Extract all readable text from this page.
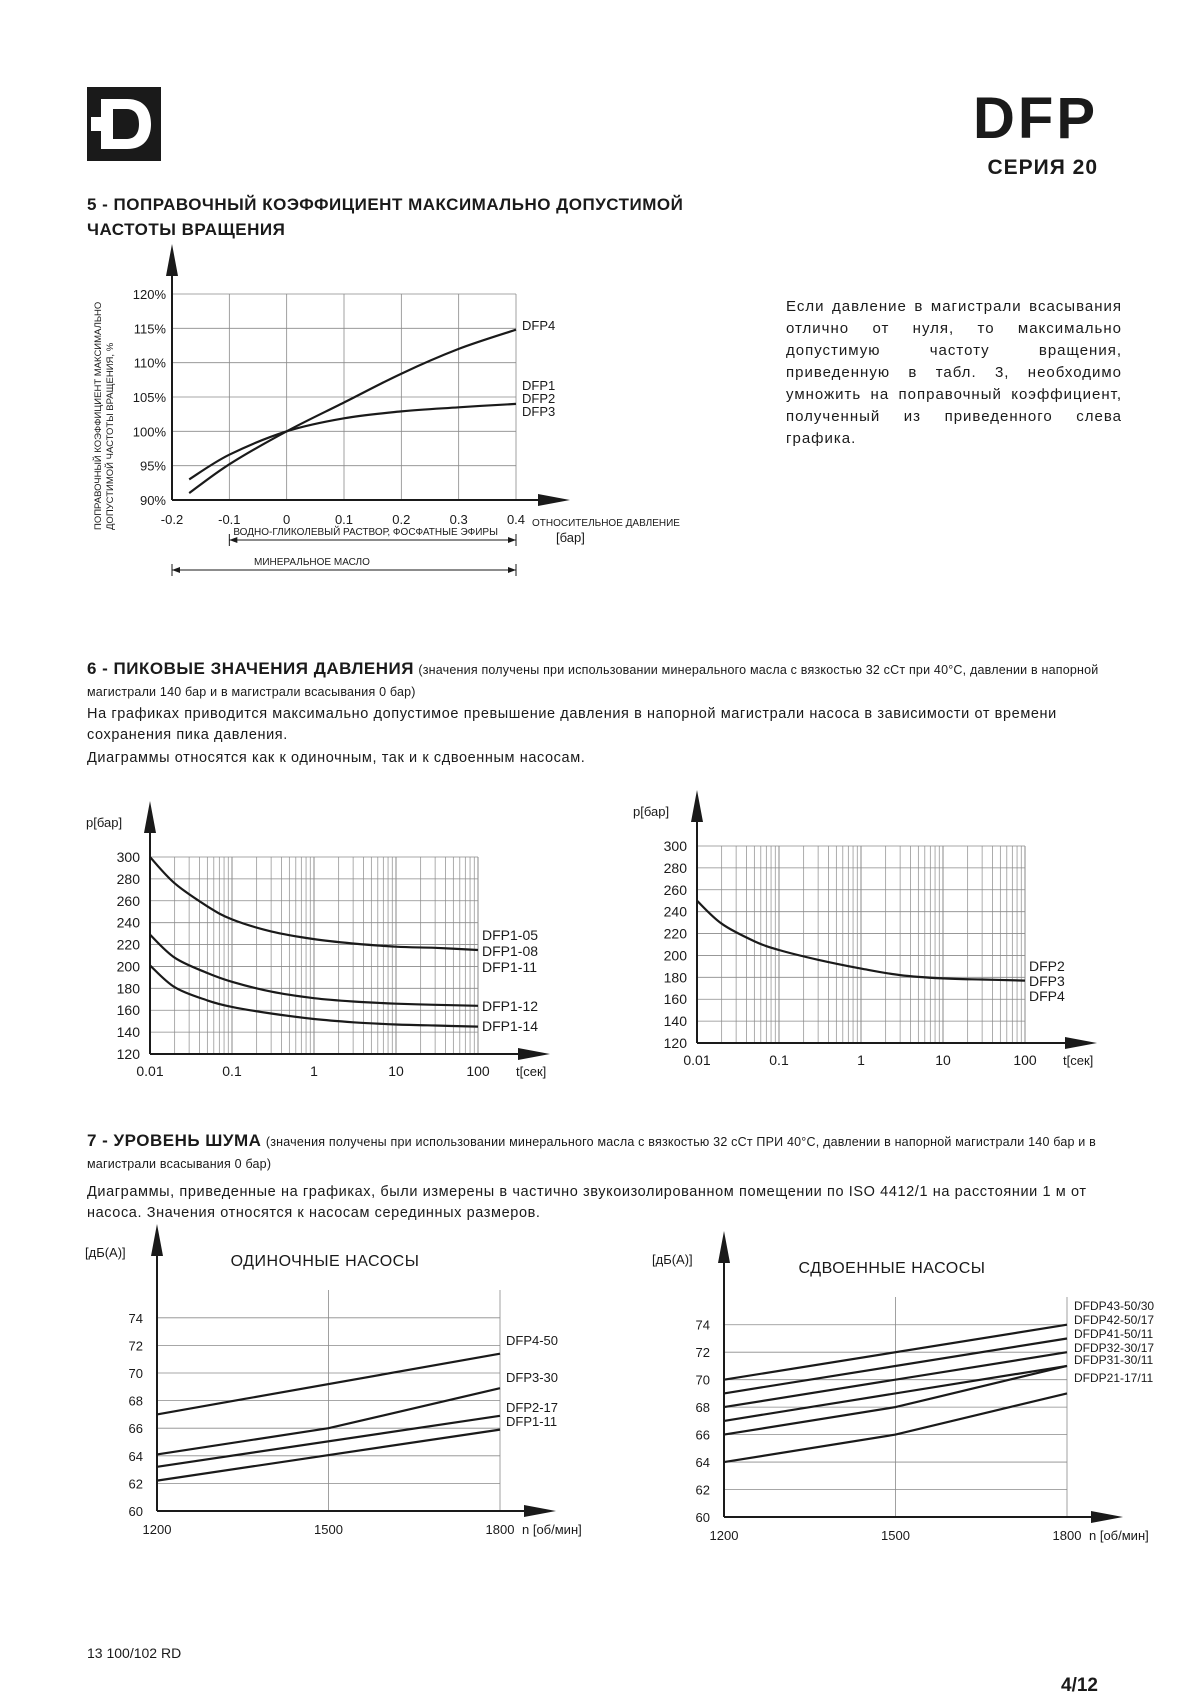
DFP
СЕРИЯ 20
5 - ПОПРАВОЧНЫЙ КОЭФФИЦИЕНТ МАКСИМАЛЬНО ДОПУСТИМОЙ
ЧАСТОТЫ ВРАЩЕНИЯ
Если давление в магистрали всасывания отлично от нуля, то максимально допустимую частоту вращения, приведенную в табл. 3, необходимо умножить на поправочный коэффициент, полученный из приведенного слева графика.
-0.2	-0.1	0	0.1	0.2	0.3	0.4
90%
95%
100%
105%
110%
115%
120%
ПОПРАВОЧНЫЙ КОЭФФИЦИЕНТ МАКСИМАЛЬНОДОПУСТИМОЙ ЧАСТОТЫ ВРАЩЕНИЯ, %	ОТНОСИТЕЛЬНОЕ ДАВЛЕНИЕ
[бар]
ВОДНО-ГЛИКОЛЕВЫЙ РАСТВОР, ФОСФАТНЫЕ ЭФИРЫ
МИНЕРАЛЬНОЕ МАСЛО
DFP4
DFP1
DFP2
DFP3
6 - ПИКОВЫЕ ЗНАЧЕНИЯ ДАВЛЕНИЯ (значения получены при использовании минерального масла с вязкостью 32 сСт при 40°C, давлении в напорной магистрали 140 бар и в магистрали всасывания 0 бар)
На графиках приводится максимально допустимое превышение давления в напорной магистрали насоса в зависимости от времени сохранения пика давления.
Диаграммы относятся как к одиночным, так и к сдвоенным насосам.
120
140
160
180
200
220
240
260
280
300
0.01	0.1	1	10	100
p[бар]
t[сек]
DFP1-05
DFP1-08
DFP1-11
DFP1-12
DFP1-14
120
140
160
180
200
220
240
260
280
300
0.01	0.1	1	10	100
p[бар]
t[сек]
DFP2
DFP3
DFP4
7 - УРОВЕНЬ ШУМА (значения получены при использовании минерального масла с вязкостью 32 сСт ПРИ 40°C, давлении в напорной магистрали 140 бар и в магистрали всасывания 0 бар)
Диаграммы, приведенные на графиках, были измерены в частично звукоизолированном помещении по ISO 4412/1 на расстоянии 1 м от насоса. Значения относятся к насосам серединных размеров.
60
62
64
66
68
70
72
74
1200	1500	1800
[дБ(А)]
ОДИНОЧНЫЕ НАСОСЫ
n [об/мин]
DFP4-50
DFP3-30
DFP2-17
DFP1-11
60
62
64
66
68
70
72
74
1200	1500	1800
[дБ(А)]
СДВОЕННЫЕ НАСОСЫ
n [об/мин]
DFDP43-50/30
DFDP42-50/17
DFDP41-50/11
DFDP32-30/17
DFDP31-30/11
DFDP21-17/11
13 100/102 RD
4/12
